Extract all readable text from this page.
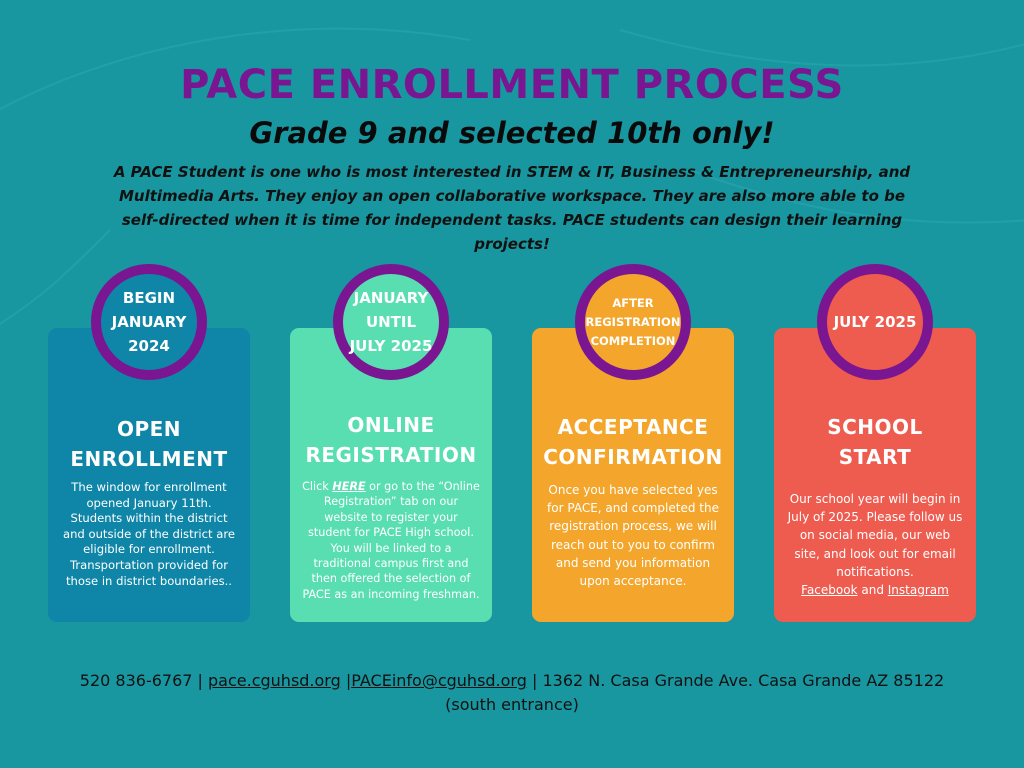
PACE ENROLLMENT PROCESS
Grade 9 and selected 10th only!

A PACE Student is one who is most interested in STEM & IT, Business & Entrepreneurship, and Multimedia Arts. They enjoy an open collaborative workspace. They are also more able to be self-directed when it is time for independent tasks. PACE students can design their learning projects!

OPEN
ENROLLMENT
The window for enrollment opened January 11th. Students within the district and outside of the district are eligible for enrollment. Transportation provided for those in district boundaries..
BEGIN
JANUARY
2024
ONLINE
REGISTRATION
Click HERE or go to the “Online Registration” tab on our website to register your student for PACE High school. You will be linked to a traditional campus first and then offered the selection of PACE as an incoming freshman.
JANUARY
UNTIL
JULY 2025
ACCEPTANCE
CONFIRMATION
Once you have selected yes for PACE, and completed the registration process, we will reach out to you to confirm and send you information upon acceptance.
AFTER
REGISTRATION
COMPLETION
SCHOOL
START
Our school year will begin in July of 2025. Please follow us on social media, our web site, and look out for email notifications.
Facebook and Instagram
JULY 2025
520 836-6767 | pace.cguhsd.org |PACEinfo@cguhsd.org | 1362 N. Casa Grande Ave. Casa Grande AZ 85122 (south entrance)
